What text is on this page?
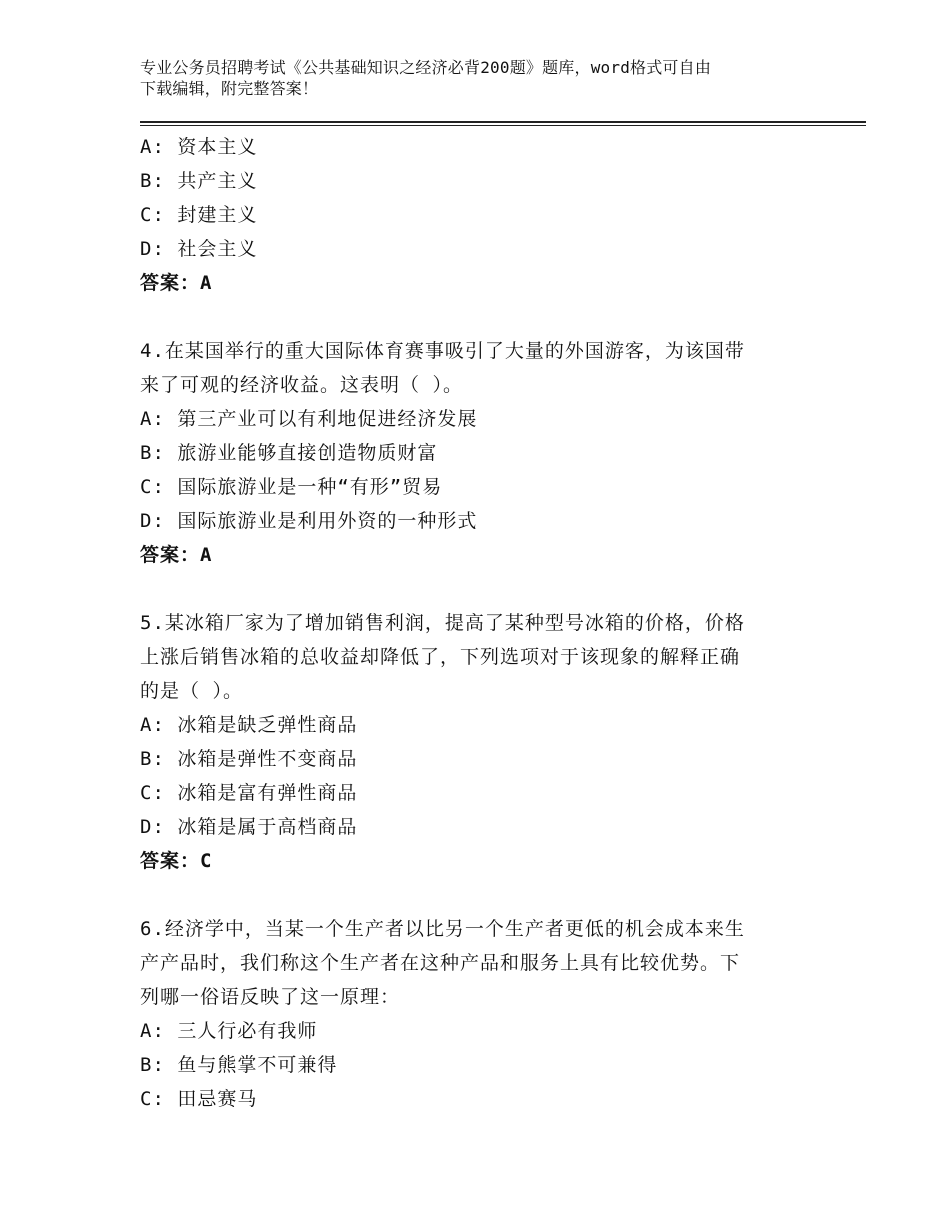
专业公务员招聘考试《公共基础知识之经济必背200题》题库，word格式可自由
下载编辑，附完整答案！
A: 资本主义
B: 共产主义
C: 封建主义
D: 社会主义
答案：A
4.在某国举行的重大国际体育赛事吸引了大量的外国游客，为该国带
来了可观的经济收益。这表明（ ）。
A: 第三产业可以有利地促进经济发展
B: 旅游业能够直接创造物质财富
C: 国际旅游业是一种“有形”贸易
D: 国际旅游业是利用外资的一种形式
答案：A
5.某冰箱厂家为了增加销售利润，提高了某种型号冰箱的价格，价格
上涨后销售冰箱的总收益却降低了，下列选项对于该现象的解释正确
的是（ ）。
A: 冰箱是缺乏弹性商品
B: 冰箱是弹性不变商品
C: 冰箱是富有弹性商品
D: 冰箱是属于高档商品
答案：C
6.经济学中，当某一个生产者以比另一个生产者更低的机会成本来生
产产品时，我们称这个生产者在这种产品和服务上具有比较优势。下
列哪一俗语反映了这一原理：
A: 三人行必有我师
B: 鱼与熊掌不可兼得
C: 田忌赛马
